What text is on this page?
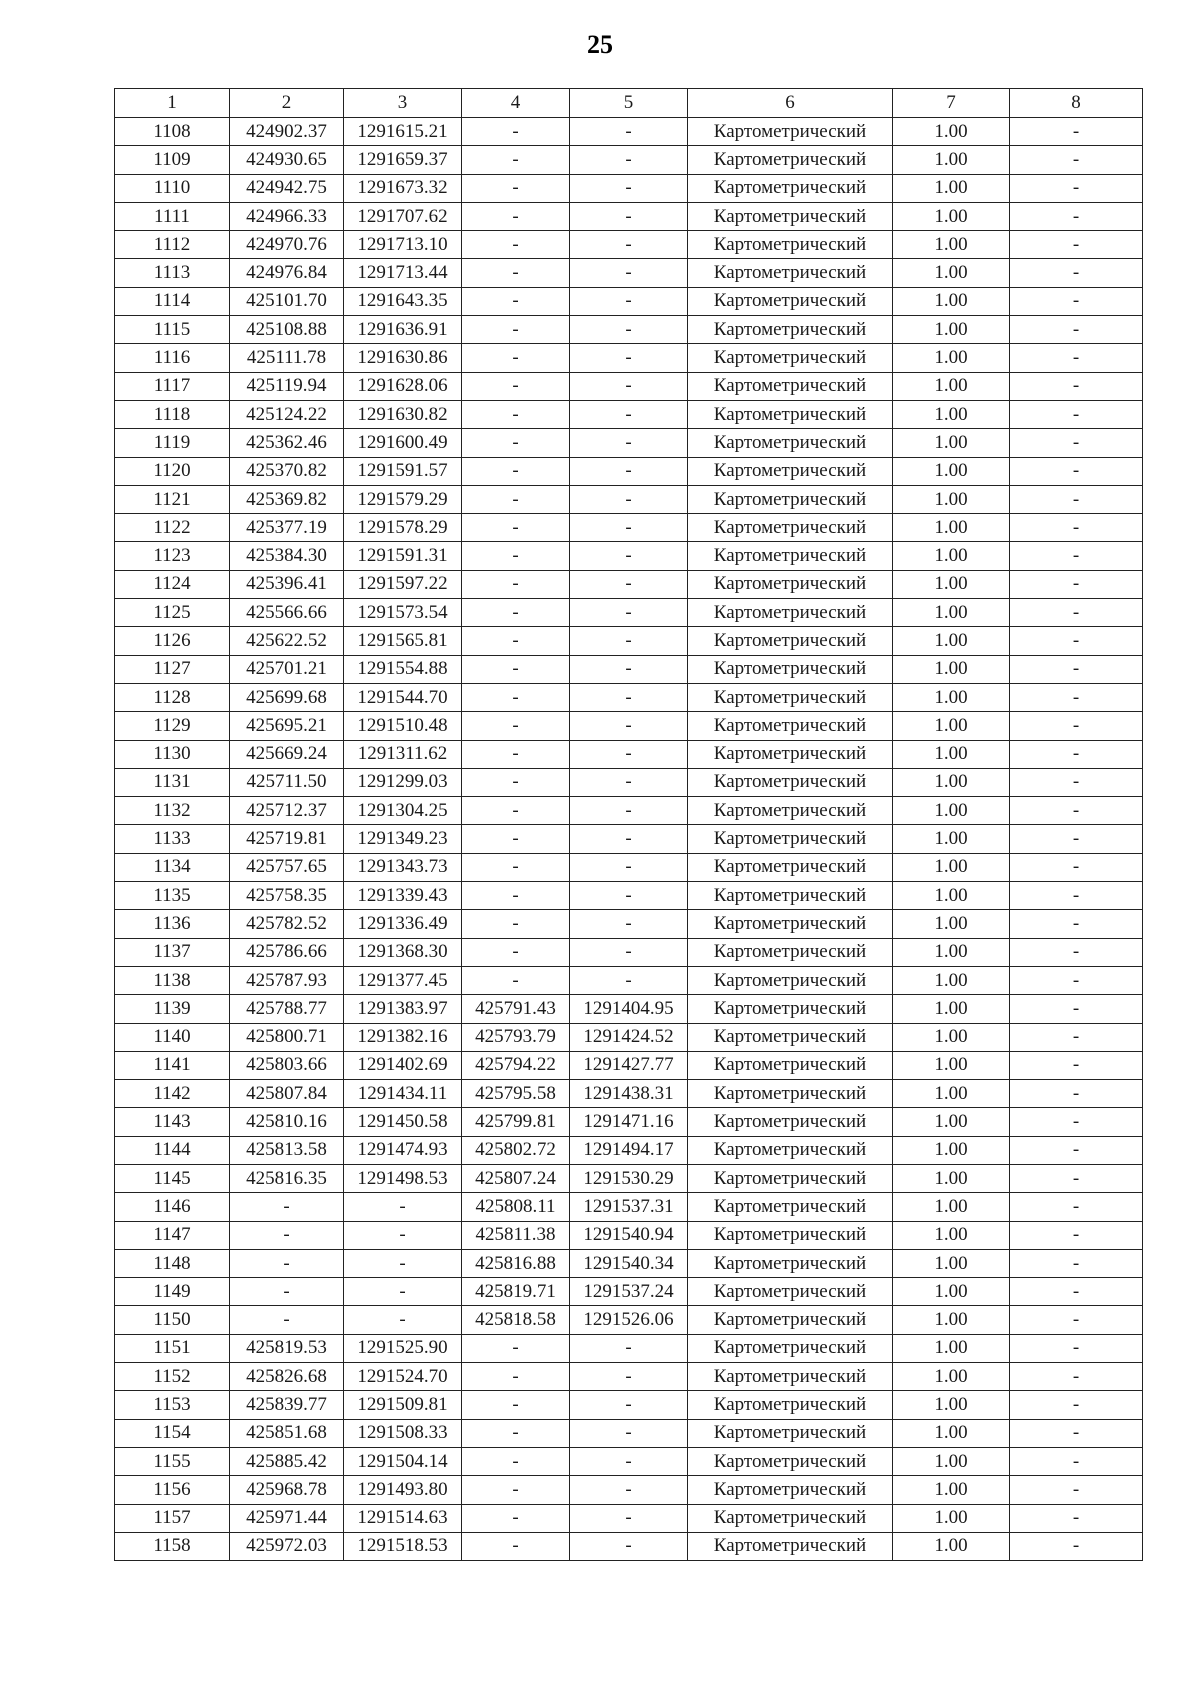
25
1	2	3	4	5	6	7	8
1108	424902.37	1291615.21	-	-	Картометрический	1.00	-
1109	424930.65	1291659.37	-	-	Картометрический	1.00	-
1110	424942.75	1291673.32	-	-	Картометрический	1.00	-
1111	424966.33	1291707.62	-	-	Картометрический	1.00	-
1112	424970.76	1291713.10	-	-	Картометрический	1.00	-
1113	424976.84	1291713.44	-	-	Картометрический	1.00	-
1114	425101.70	1291643.35	-	-	Картометрический	1.00	-
1115	425108.88	1291636.91	-	-	Картометрический	1.00	-
1116	425111.78	1291630.86	-	-	Картометрический	1.00	-
1117	425119.94	1291628.06	-	-	Картометрический	1.00	-
1118	425124.22	1291630.82	-	-	Картометрический	1.00	-
1119	425362.46	1291600.49	-	-	Картометрический	1.00	-
1120	425370.82	1291591.57	-	-	Картометрический	1.00	-
1121	425369.82	1291579.29	-	-	Картометрический	1.00	-
1122	425377.19	1291578.29	-	-	Картометрический	1.00	-
1123	425384.30	1291591.31	-	-	Картометрический	1.00	-
1124	425396.41	1291597.22	-	-	Картометрический	1.00	-
1125	425566.66	1291573.54	-	-	Картометрический	1.00	-
1126	425622.52	1291565.81	-	-	Картометрический	1.00	-
1127	425701.21	1291554.88	-	-	Картометрический	1.00	-
1128	425699.68	1291544.70	-	-	Картометрический	1.00	-
1129	425695.21	1291510.48	-	-	Картометрический	1.00	-
1130	425669.24	1291311.62	-	-	Картометрический	1.00	-
1131	425711.50	1291299.03	-	-	Картометрический	1.00	-
1132	425712.37	1291304.25	-	-	Картометрический	1.00	-
1133	425719.81	1291349.23	-	-	Картометрический	1.00	-
1134	425757.65	1291343.73	-	-	Картометрический	1.00	-
1135	425758.35	1291339.43	-	-	Картометрический	1.00	-
1136	425782.52	1291336.49	-	-	Картометрический	1.00	-
1137	425786.66	1291368.30	-	-	Картометрический	1.00	-
1138	425787.93	1291377.45	-	-	Картометрический	1.00	-
1139	425788.77	1291383.97	425791.43	1291404.95	Картометрический	1.00	-
1140	425800.71	1291382.16	425793.79	1291424.52	Картометрический	1.00	-
1141	425803.66	1291402.69	425794.22	1291427.77	Картометрический	1.00	-
1142	425807.84	1291434.11	425795.58	1291438.31	Картометрический	1.00	-
1143	425810.16	1291450.58	425799.81	1291471.16	Картометрический	1.00	-
1144	425813.58	1291474.93	425802.72	1291494.17	Картометрический	1.00	-
1145	425816.35	1291498.53	425807.24	1291530.29	Картометрический	1.00	-
1146	-	-	425808.11	1291537.31	Картометрический	1.00	-
1147	-	-	425811.38	1291540.94	Картометрический	1.00	-
1148	-	-	425816.88	1291540.34	Картометрический	1.00	-
1149	-	-	425819.71	1291537.24	Картометрический	1.00	-
1150	-	-	425818.58	1291526.06	Картометрический	1.00	-
1151	425819.53	1291525.90	-	-	Картометрический	1.00	-
1152	425826.68	1291524.70	-	-	Картометрический	1.00	-
1153	425839.77	1291509.81	-	-	Картометрический	1.00	-
1154	425851.68	1291508.33	-	-	Картометрический	1.00	-
1155	425885.42	1291504.14	-	-	Картометрический	1.00	-
1156	425968.78	1291493.80	-	-	Картометрический	1.00	-
1157	425971.44	1291514.63	-	-	Картометрический	1.00	-
1158	425972.03	1291518.53	-	-	Картометрический	1.00	-
